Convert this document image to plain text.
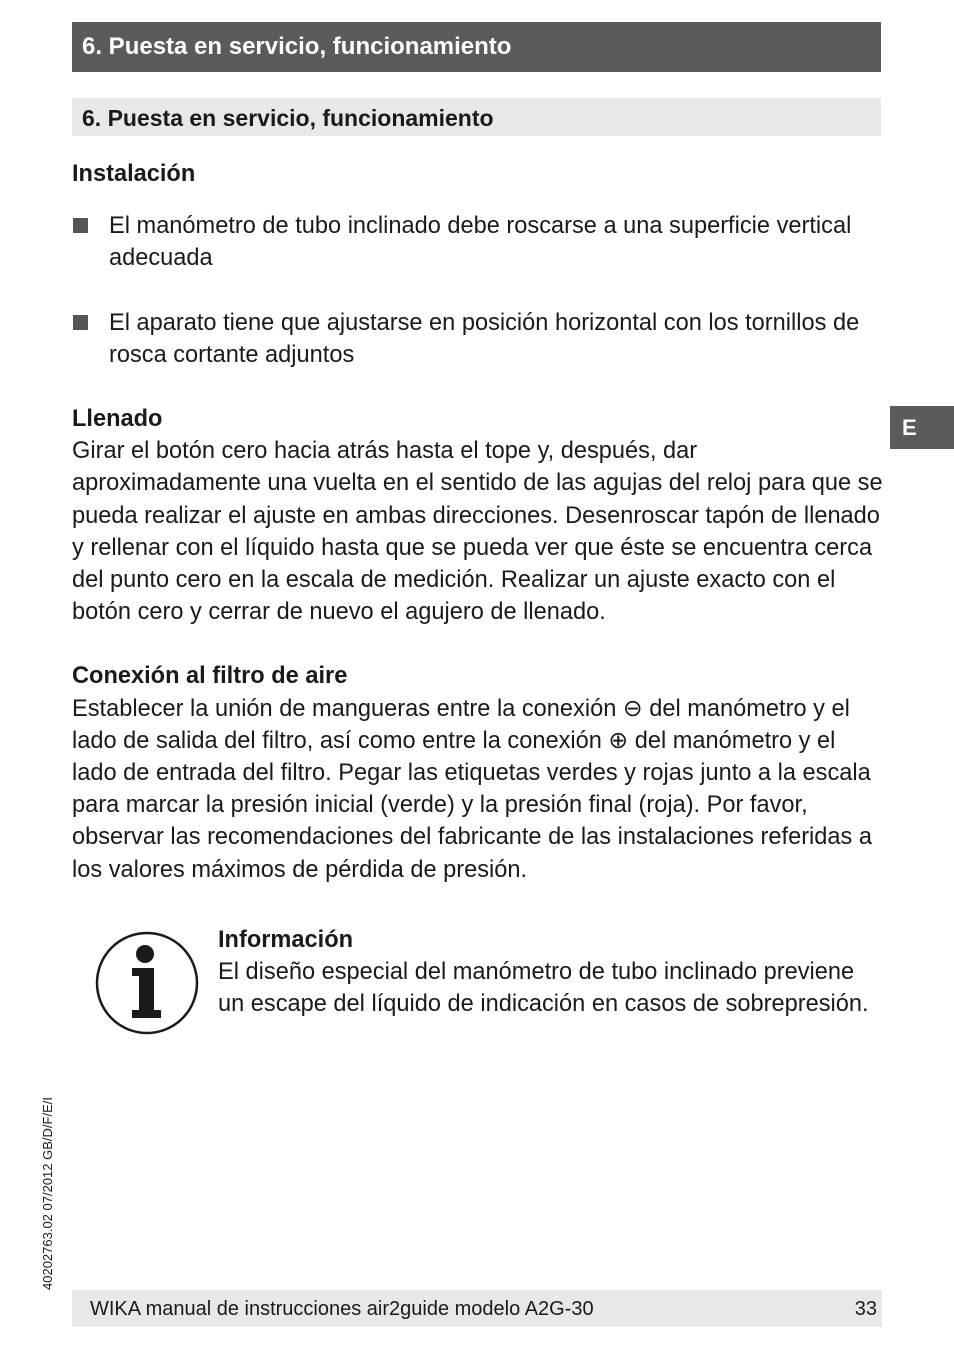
6. Puesta en servicio, funcionamiento
6. Puesta en servicio, funcionamiento
Instalación
El manómetro de tubo inclinado debe roscarse a una superficie vertical adecuada
El aparato tiene que ajustarse en posición horizontal con los tornillos de rosca cortante adjuntos
Llenado
Girar el botón cero hacia atrás hasta el tope y, después, dar aproximadamente una vuelta en el sentido de las agujas del reloj para que se pueda realizar el ajuste en ambas direcciones. Desenroscar tapón de llenado y rellenar con el líquido hasta que se pueda ver que éste se encuentra cerca del punto cero en la escala de medición. Realizar un ajuste exacto con el botón cero y cerrar de nuevo el agujero de llenado.
Conexión al filtro de aire
Establecer la unión de mangueras entre la conexión ⊖ del manómetro y el lado de salida del filtro, así como entre la conexión ⊕ del manómetro y el lado de entrada del filtro. Pegar las etiquetas verdes y rojas junto a la escala para marcar la presión inicial (verde) y la presión final (roja). Por favor, observar las recomendaciones del fabricante de las instalaciones referidas a los valores máximos de pérdida de presión.
Información
El diseño especial del manómetro de tubo inclinado previene un escape del líquido de indicación en casos de sobrepresión.
E
40202763.02 07/2012 GB/D/F/E/I
WIKA manual de instrucciones air2guide modelo A2G-30	33
